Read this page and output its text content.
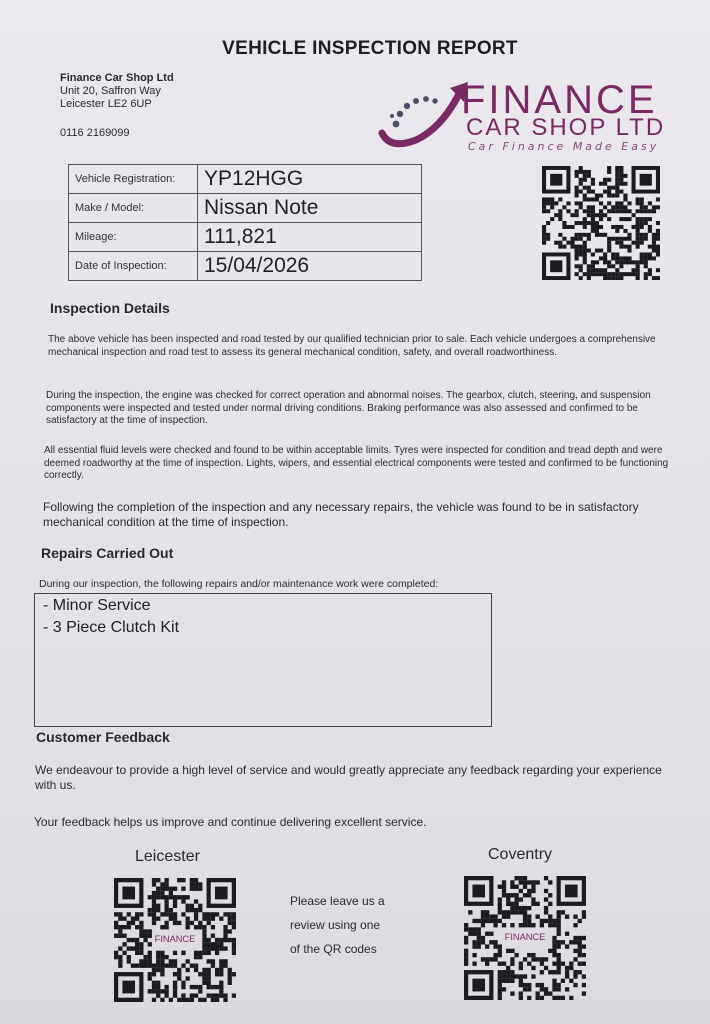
VEHICLE INSPECTION REPORT
Finance Car Shop Ltd
Unit 20, Saffron Way
Leicester LE2 6UP
0116 2169099
FINANCE
CAR SHOP LTD
Car Finance Made Easy
Vehicle Registration:	YP12HGG
Make / Model:	Nissan Note
Mileage:	111,821
Date of Inspection:	15/04/2026
Inspection Details
The above vehicle has been inspected and road tested by our qualified technician prior to sale. Each vehicle undergoes a comprehensive mechanical inspection and road test to assess its general mechanical condition, safety, and overall roadworthiness.
During the inspection, the engine was checked for correct operation and abnormal noises. The gearbox, clutch, steering, and suspension components were inspected and tested under normal driving conditions. Braking performance was also assessed and confirmed to be satisfactory at the time of inspection.
All essential fluid levels were checked and found to be within acceptable limits. Tyres were inspected for condition and tread depth and were deemed roadworthy at the time of inspection. Lights, wipers, and essential electrical components were tested and confirmed to be functioning correctly.
Following the completion of the inspection and any necessary repairs, the vehicle was found to be in satisfactory mechanical condition at the time of inspection.
Repairs Carried Out
During our inspection, the following repairs and/or maintenance work were completed:
- Minor Service
- 3 Piece Clutch Kit
Customer Feedback
We endeavour to provide a high level of service and would greatly appreciate any feedback regarding your experience with us.
Your feedback helps us improve and continue delivering excellent service.
Leicester	Coventry
FINANCE
Please leave us a
review using one
of the QR codes
FINANCE
